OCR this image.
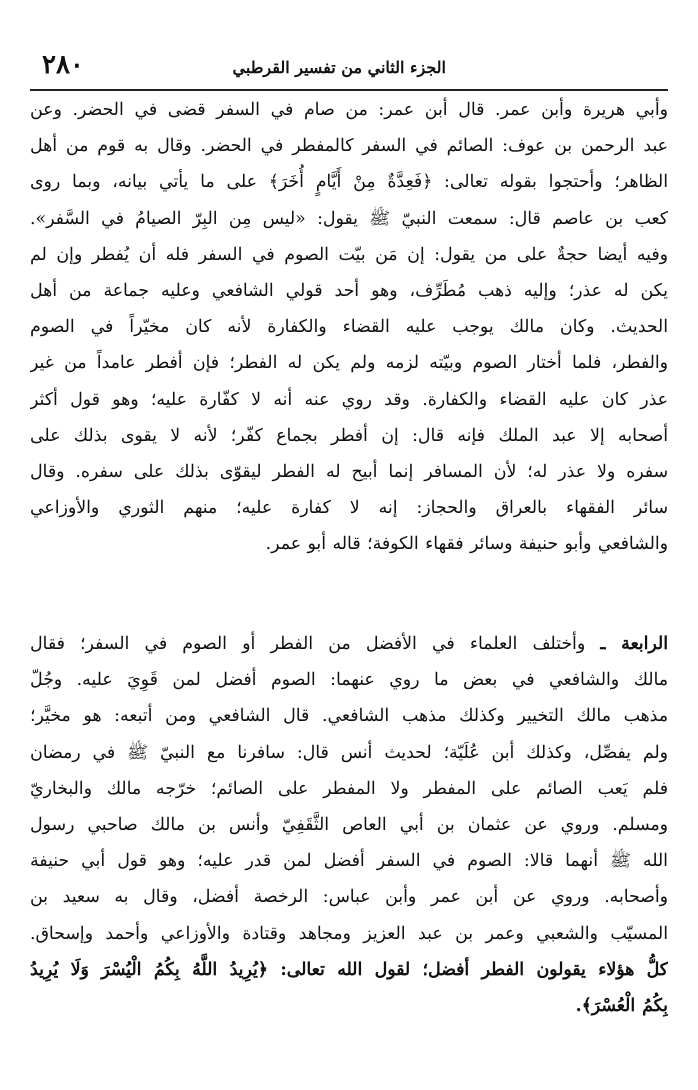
٢٨٠	الجزء الثاني من تفسير القرطبي
وأبي هريرة وأبن عمر. قال أبن عمر: من صام في السفر قضى في الحضر. وعن
عبد الرحمن بن عوف: الصائم في السفر كالمفطر في الحضر. وقال به قوم من أهل
الظاهر؛ وأحتجوا بقوله تعالى: ﴿فَعِدَّةٌ مِنْ أَيَّامٍ أُخَرَ﴾ على ما يأتي بيانه، وبما روى
كعب بن عاصم قال: سمعت النبيّ ﷺ يقول: «ليس مِن البِرّ الصيامُ في السَّفر».
وفيه أيضا حجةٌ على من يقول: إن مَن بيّت الصوم في السفر فله أن يُفطر وإن لم
يكن له عذر؛ وإليه ذهب مُطَرِّف، وهو أحد قولي الشافعي وعليه جماعة من أهل
الحديث. وكان مالك يوجب عليه القضاء والكفارة لأنه كان مخيّراً في الصوم
والفطر، فلما أختار الصوم وبيّته لزمه ولم يكن له الفطر؛ فإن أفطر عامداً من غير
عذر كان عليه القضاء والكفارة. وقد روي عنه أنه لا كفّارة عليه؛ وهو قول أكثر
أصحابه إلا عبد الملك فإنه قال: إن أفطر بجماع كفّر؛ لأنه لا يقوى بذلك على
سفره ولا عذر له؛ لأن المسافر إنما أبيح له الفطر ليقوّى بذلك على سفره. وقال
سائر الفقهاء بالعراق والحجاز: إنه لا كفارة عليه؛ منهم الثوري والأوزاعي
والشافعي وأبو حنيفة وسائر فقهاء الكوفة؛ قاله أبو عمر.
الرابعة ـ وأختلف العلماء في الأفضل من الفطر أو الصوم في السفر؛ فقال
مالك والشافعي في بعض ما روي عنهما: الصوم أفضل لمن قَوِيَ عليه. وجُلّ
مذهب مالك التخيير وكذلك مذهب الشافعي. قال الشافعي ومن أتبعه: هو مخيَّر؛
ولم يفصِّل، وكذلك أبن عُلَيّة؛ لحديث أنس قال: سافرنا مع النبيّ ﷺ في رمضان
فلم يَعب الصائم على المفطر ولا المفطر على الصائم؛ خرّجه مالك والبخاريّ
ومسلم. وروي عن عثمان بن أبي العاص الثَّقَفِيّ وأنس بن مالك صاحبي رسول
الله ﷺ أنهما قالا: الصوم في السفر أفضل لمن قدر عليه؛ وهو قول أبي حنيفة
وأصحابه. وروي عن أبن عمر وأبن عباس: الرخصة أفضل، وقال به سعيد بن
المسيّب والشعبي وعمر بن عبد العزيز ومجاهد وقتادة والأوزاعي وأحمد وإسحاق.
كلُّ هؤلاء يقولون الفطر أفضل؛ لقول الله تعالى: ﴿يُرِيدُ اللَّهُ بِكُمُ الْيُسْرَ وَلَا يُرِيدُ
بِكُمُ الْعُسْرَ﴾.
